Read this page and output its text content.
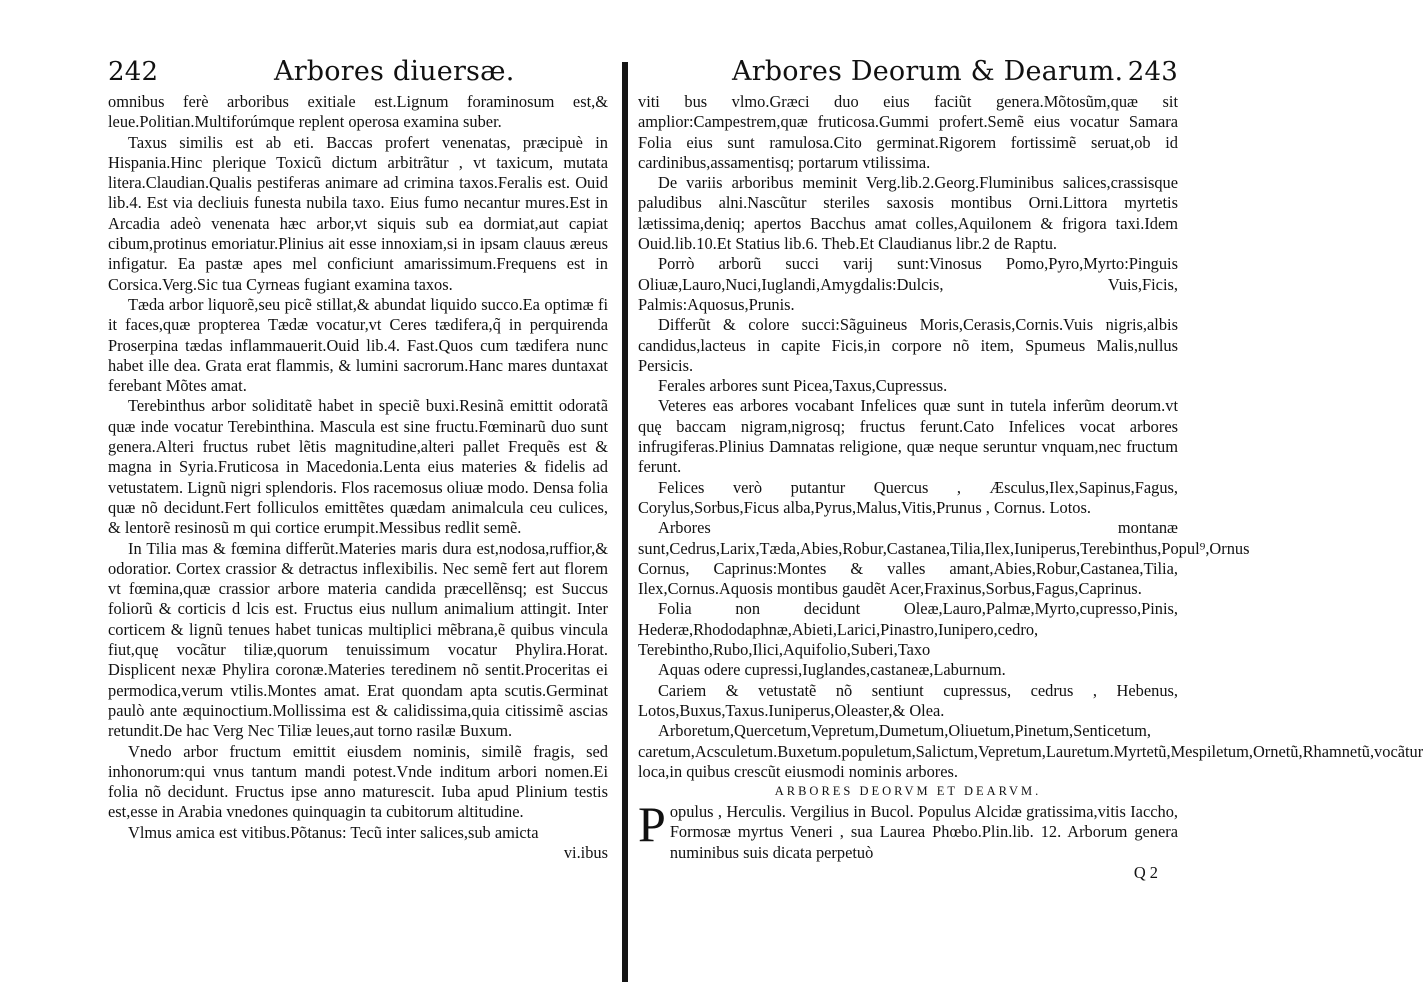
242	Arbores diuersæ.

omnibus ferè arboribus exitiale est.Lignum foraminosum est,& leue.Politian.Multiforúmque replent operosa examina suber.

Taxus similis est ab eti. Baccas profert venenatas, præcipuè in Hispania.Hinc plerique Toxicũ dictum arbitrãtur , vt taxicum, mutata litera.Claudian.Qualis pestiferas animare ad crimina taxos.Feralis est. Ouid lib.4. Est via decliuis funesta nubila taxo. Eius fumo necantur mures.Est in Arcadia adeò venenata hæc arbor,vt siquis sub ea dormiat,aut capiat cibum,protinus emoriatur.Plinius ait esse innoxiam,si in ipsam clauus æreus infigatur. Ea pastæ apes mel conficiunt amarissimum.Frequens est in Corsica.Verg.Sic tua Cyrneas fugiant examina taxos.

Tæda arbor liquorẽ,seu picẽ stillat,& abundat liquido succo.Ea optimæ fi it faces,quæ propterea Tædæ vocatur,vt Ceres tædifera,q̃ in perquirenda Proserpina tædas inflammauerit.Ouid lib.4. Fast.Quos cum tædifera nunc habet ille dea. Grata erat flammis, & lumini sacrorum.Hanc mares duntaxat ferebant Mõtes amat.

Terebinthus arbor soliditatẽ habet in speciẽ buxi.Resinã emittit odoratã quæ inde vocatur Terebinthina. Mascula est sine fructu.Fœminarũ duo sunt genera.Alteri fructus rubet lẽtis magnitudine,alteri pallet Frequẽs est & magna in Syria.Fruticosa in Macedonia.Lenta eius materies & fidelis ad vetustatem. Lignũ nigri splendoris. Flos racemosus oliuæ modo. Densa folia quæ nõ decidunt.Fert folliculos emittẽtes quædam animalcula ceu culices, & lentorẽ resinosũ m qui cortice erumpit.Messibus redlit semẽ.

In Tilia mas & fœmina differũt.Materies maris dura est,nodosa,ruffior,& odoratior. Cortex crassior & detractus inflexibilis. Nec semẽ fert aut florem vt fœmina,quæ crassior arbore materia candida præcellẽnsq; est Succus foliorũ & corticis d lcis est. Fructus eius nullum animalium attingit. Inter corticem & lignũ tenues habet tunicas multiplici mẽbrana,ẽ quibus vincula fiut,quę vocãtur tiliæ,quorum tenuissimum vocatur Phylira.Horat. Displicent nexæ Phylira coronæ.Materies teredinem nõ sentit.Proceritas ei permodica,verum vtilis.Montes amat. Erat quondam apta scutis.Germinat paulò ante æquinoctium.Mollissima est & calidissima,quia citissimẽ ascias retundit.De hac Verg Nec Tiliæ leues,aut torno rasilæ Buxum.

Vnedo arbor fructum emittit eiusdem nominis, similẽ fragis, sed inhonorum:qui vnus tantum mandi potest.Vnde inditum arbori nomen.Ei folia nõ decidunt. Fructus ipse anno maturescit. Iuba apud Plinium testis est,esse in Arabia vnedones quinquagin ta cubitorum altitudine.

Vlmus amica est vitibus.Põtanus: Tecũ inter salices,sub amicta

vi.ibus
Arbores Deorum & Dearum. 243

viti bus vlmo.Græci duo eius faciũt genera.Mõtosũm,quæ sit amplior:Campestrem,quæ fruticosa.Gummi profert.Semẽ eius vocatur Samara Folia eius sunt ramulosa.Cito germinat.Rigorem fortissimẽ seruat,ob id cardinibus,assamentisq; portarum vtilissima.

De variis arboribus meminit Verg.lib.2.Georg.Fluminibus salices,crassisque paludibus alni.Nascũtur steriles saxosis montibus Orni.Littora myrtetis lætissima,deniq; apertos Bacchus amat colles,Aquilonem & frigora taxi.Idem Ouid.lib.10.Et Statius lib.6. Theb.Et Claudianus libr.2 de Raptu.

Porrò arborũ succi varij sunt:Vinosus Pomo,Pyro,Myrto:Pinguis Oliuæ,Lauro,Nuci,Iuglandi,Amygdalis:Dulcis, Vuis,Ficis, Palmis:Aquosus,Prunis.

Differũt & colore succi:Sãguineus Moris,Cerasis,Cornis.Vuis nigris,albis candidus,lacteus in capite Ficis,in corpore nõ item, Spumeus Malis,nullus Persicis.

Ferales arbores sunt Picea,Taxus,Cupressus.

Veteres eas arbores vocabant Infelices quæ sunt in tutela inferũm deorum.vt quę baccam nigram,nigrosq; fructus ferunt.Cato Infelices vocat arbores infrugiferas.Plinius Damnatas religione, quæ neque seruntur vnquam,nec fructum ferunt.

Felices verò putantur Quercus , Æsculus,Ilex,Sapinus,Fagus, Corylus,Sorbus,Ficus alba,Pyrus,Malus,Vitis,Prunus , Cornus. Lotos.

Arbores montanæ sunt,Cedrus,Larix,Tæda,Abies,Robur,Castanea,Tilia,Ilex,Iuniperus,Terebinthus,Popul⁹,Ornus Cornus, Caprinus:Montes & valles amant,Abies,Robur,Castanea,Tilia, Ilex,Cornus.Aquosis montibus gaudẽt Acer,Fraxinus,Sorbus,Fagus,Caprinus.

Folia non decidunt Oleæ,Lauro,Palmæ,Myrto,cupresso,Pinis, Hederæ,Rhododaphnæ,Abieti,Larici,Pinastro,Iunipero,cedro, Terebintho,Rubo,Ilici,Aquifolio,Suberi,Taxo

Aquas odere cupressi,Iuglandes,castaneæ,Laburnum.

Cariem & vetustatẽ nõ sentiunt cupressus, cedrus , Hebenus, Lotos,Buxus,Taxus.Iuniperus,Oleaster,& Olea.

Arboretum,Quercetum,Vepretum,Dumetum,Oliuetum,Pinetum,Senticetum, caretum,Acsculetum.Buxetum.populetum,Salictum,Vepretum,Lauretum.Myrtetũ,Mespiletum,Ornetũ,Rhamnetũ,vocãtur loca,in quibus crescũt eiusmodi nominis arbores.

ARBORES DEORVM ET DEARVM.

Populus , Herculis. Vergilius in Bucol. Populus Alcidæ gratissima,vitis Iaccho, Formosæ myrtus Veneri , sua Laurea Phœbo.Plin.lib. 12. Arborum genera numinibus suis dicata perpetuò

Q 2
